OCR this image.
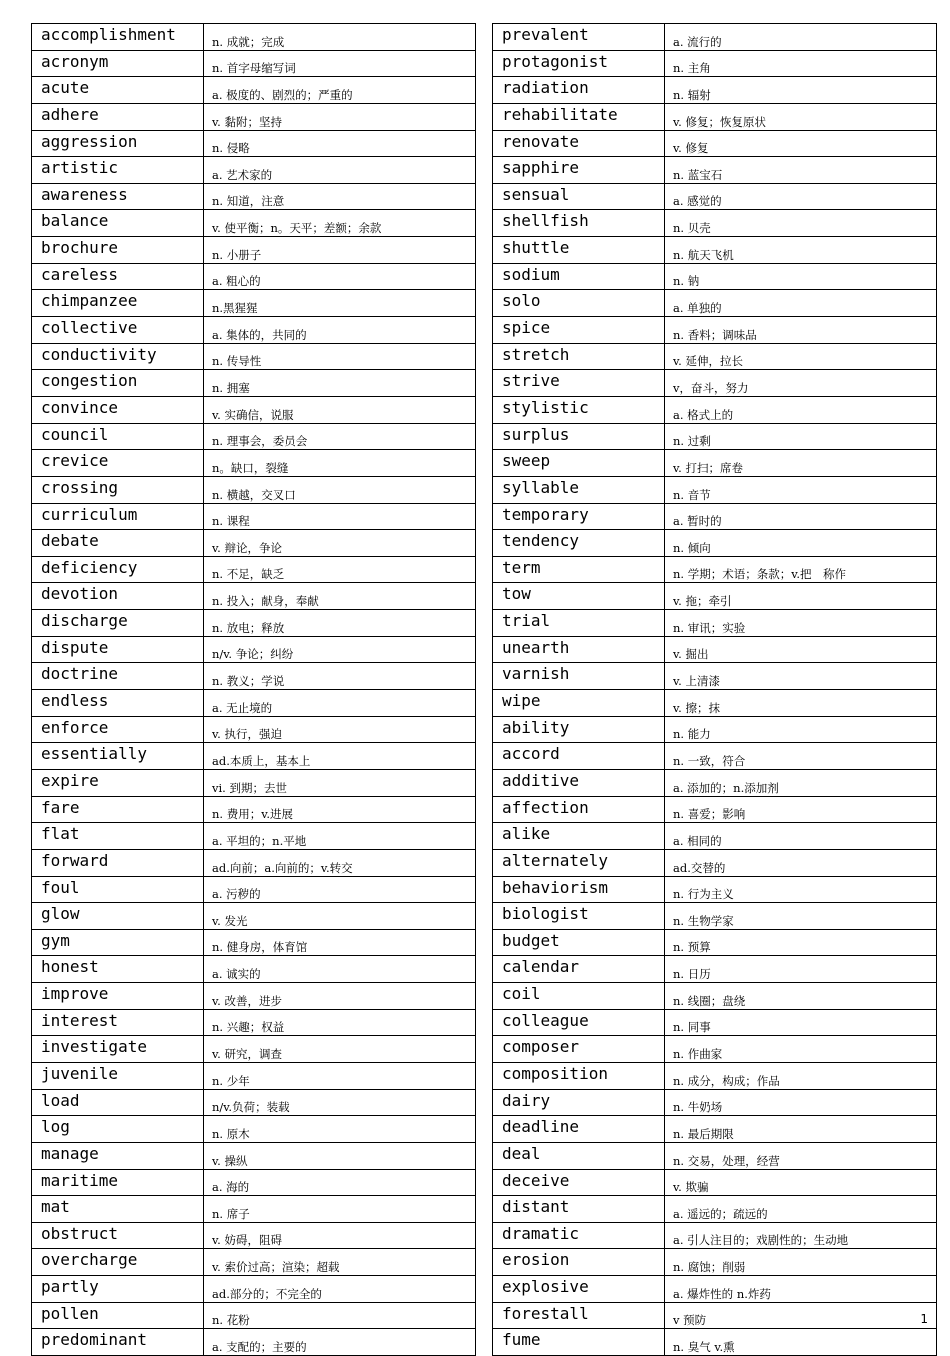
accomplishment	n. 成就；完成
acronym	n. 首字母缩写词
acute	a. 极度的、剧烈的；严重的
adhere	v. 黏附；坚持
aggression	n. 侵略
artistic	a. 艺术家的
awareness	n. 知道，注意
balance	v. 使平衡；n。天平；差额；余款
brochure	n. 小册子
careless	a. 粗心的
chimpanzee	n.黑猩猩
collective	a. 集体的，共同的
conductivity	n. 传导性
congestion	n. 拥塞
convince	v. 实确信，说服
council	n. 理事会，委员会
crevice	n。缺口，裂缝
crossing	n. 横越，交叉口
curriculum	n. 课程
debate	v. 辩论，争论
deficiency	n. 不足，缺乏
devotion	n. 投入；献身，奉献
discharge	n. 放电；释放
dispute	n/v. 争论；纠纷
doctrine	n. 教义；学说
endless	a. 无止境的
enforce	v. 执行，强迫
essentially	ad.本质上，基本上
expire	vi. 到期；去世
fare	n. 费用；v.进展
flat	a. 平坦的；n.平地
forward	ad.向前；a.向前的；v.转交
foul	a. 污秽的
glow	v. 发光
gym	n. 健身房，体育馆
honest	a. 诚实的
improve	v. 改善，进步
interest	n. 兴趣；权益
investigate	v. 研究，调查
juvenile	n. 少年
load	n/v.负荷；装载
log	n. 原木
manage	v. 操纵
maritime	a. 海的
mat	n. 席子
obstruct	v. 妨碍，阻碍
overcharge	v. 索价过高；渲染；超载
partly	ad.部分的；不完全的
pollen	n. 花粉
predominant	a. 支配的；主要的
prevalent	a. 流行的
protagonist	n. 主角
radiation	n. 辐射
rehabilitate	v. 修复；恢复原状
renovate	v. 修复
sapphire	n. 蓝宝石
sensual	a. 感觉的
shellfish	n. 贝壳
shuttle	n. 航天飞机
sodium	n. 钠
solo	a. 单独的
spice	n. 香料；调味品
stretch	v. 延伸，拉长
strive	v，奋斗，努力
stylistic	a. 格式上的
surplus	n. 过剩
sweep	v. 打扫；席卷
syllable	n. 音节
temporary	a. 暂时的
tendency	n. 倾向
term	n. 学期；术语；条款；v.把　称作
tow	v. 拖；牵引
trial	n. 审讯；实验
unearth	v. 掘出
varnish	v. 上清漆
wipe	v. 擦；抹
ability	n. 能力
accord	n. 一致，符合
additive	a. 添加的；n.添加剂
affection	n. 喜爱；影响
alike	a. 相同的
alternately	ad.交替的
behaviorism	n. 行为主义
biologist	n. 生物学家
budget	n. 预算
calendar	n. 日历
coil	n. 线圈；盘绕
colleague	n. 同事
composer	n. 作曲家
composition	n. 成分，构成；作品
dairy	n. 牛奶场
deadline	n. 最后期限
deal	n. 交易，处理，经营
deceive	v. 欺骗
distant	a. 遥远的；疏远的
dramatic	a. 引人注目的；戏剧性的；生动地
erosion	n. 腐蚀；削弱
explosive	a. 爆炸性的 n.炸药
forestall	v 预防
fume	n. 臭气 v.熏
1
